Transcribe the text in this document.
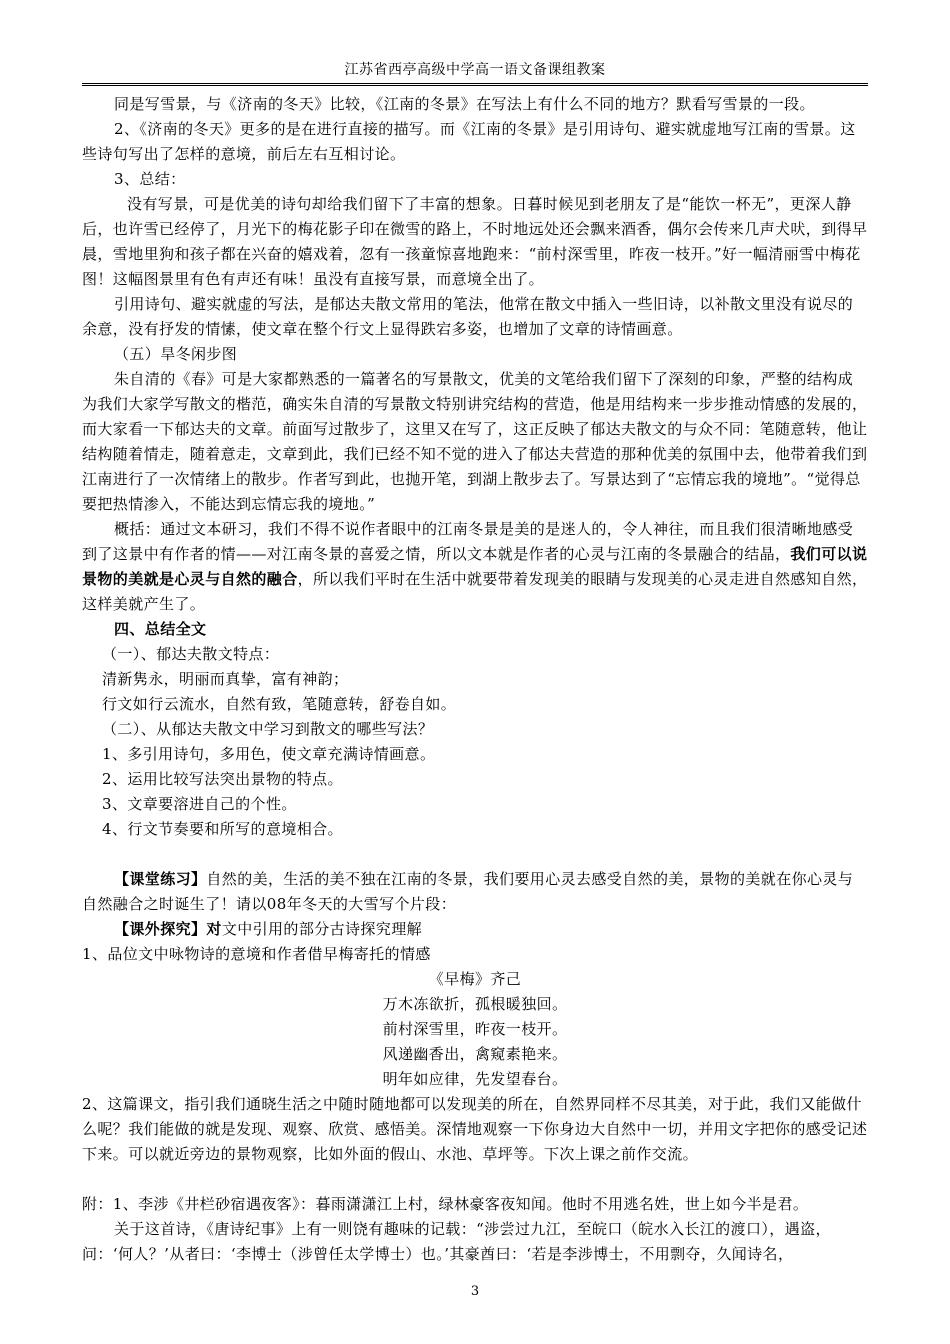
江苏省西亭高级中学高一语文备课组教案

同是写雪景，与《济南的冬天》比较，《江南的冬景》在写法上有什么不同的地方？默看写雪景的一段。

2、《济南的冬天》更多的是在进行直接的描写。而《江南的冬景》是引用诗句、避实就虚地写江南的雪景。这些诗句写出了怎样的意境，前后左右互相讨论。

3、总结：

没有写景，可是优美的诗句却给我们留下了丰富的想象。日暮时候见到老朋友了是“能饮一杯无”，更深人静后，也许雪已经停了，月光下的梅花影子印在微雪的路上，不时地远处还会飘来酒香，偶尔会传来几声犬吠，到得早晨，雪地里狗和孩子都在兴奋的嬉戏着，忽有一孩童惊喜地跑来：“前村深雪里，昨夜一枝开。”好一幅清丽雪中梅花图！这幅图景里有色有声还有味！虽没有直接写景，而意境全出了。

引用诗句、避实就虚的写法，是郁达夫散文常用的笔法，他常在散文中插入一些旧诗，以补散文里没有说尽的余意，没有抒发的情愫，使文章在整个行文上显得跌宕多姿，也增加了文章的诗情画意。

（五）旱冬闲步图

朱自清的《春》可是大家都熟悉的一篇著名的写景散文，优美的文笔给我们留下了深刻的印象，严整的结构成为我们大家学写散文的楷范，确实朱自清的写景散文特别讲究结构的营造，他是用结构来一步步推动情感的发展的，而大家看一下郁达夫的文章。前面写过散步了，这里又在写了，这正反映了郁达夫散文的与众不同：笔随意转，他让结构随着情走，随着意走，文章到此，我们已经不知不觉的进入了郁达夫营造的那种优美的氛围中去，他带着我们到江南进行了一次情绪上的散步。作者写到此，也抛开笔，到湖上散步去了。写景达到了“忘情忘我的境地”。“觉得总要把热情渗入，不能达到忘情忘我的境地。”

概括：通过文本研习，我们不得不说作者眼中的江南冬景是美的是迷人的，令人神往，而且我们很清晰地感受到了这景中有作者的情——对江南冬景的喜爱之情，所以文本就是作者的心灵与江南的冬景融合的结晶，我们可以说景物的美就是心灵与自然的融合，所以我们平时在生活中就要带着发现美的眼睛与发现美的心灵走进自然感知自然，这样美就产生了。

四、总结全文

（一）、郁达夫散文特点：

清新隽永，明丽而真挚，富有神韵；

行文如行云流水，自然有致，笔随意转，舒卷自如。

（二）、从郁达夫散文中学习到散文的哪些写法？

1、多引用诗句，多用色，使文章充满诗情画意。

2、运用比较写法突出景物的特点。

3、文章要溶进自己的个性。

4、行文节奏要和所写的意境相合。

【课堂练习】自然的美，生活的美不独在江南的冬景，我们要用心灵去感受自然的美，景物的美就在你心灵与自然融合之时诞生了！请以08年冬天的大雪写个片段：

【课外探究】对文中引用的部分古诗探究理解

1、品位文中咏物诗的意境和作者借早梅寄托的情感

《早梅》齐己

万木冻欲折，孤根暖独回。

前村深雪里，昨夜一枝开。

风递幽香出，禽窥素艳来。

明年如应律，先发望春台。

2、这篇课文，指引我们通晓生活之中随时随地都可以发现美的所在，自然界同样不尽其美，对于此，我们又能做什么呢？我们能做的就是发现、观察、欣赏、感悟美。深情地观察一下你身边大自然中一切，并用文字把你的感受记述下来。可以就近旁边的景物观察，比如外面的假山、水池、草坪等。下次上课之前作交流。

附：1、李涉《井栏砂宿遇夜客》：暮雨潇潇江上村，绿林豪客夜知闻。他时不用逃名姓，世上如今半是君。

关于这首诗，《唐诗纪事》上有一则饶有趣味的记载：“涉尝过九江，至皖口（皖水入长江的渡口），遇盗，问：‘何人？’从者曰：‘李博士（涉曾任太学博士）也。’其豪酋曰：‘若是李涉博士，不用剽夺，久闻诗名，

3
